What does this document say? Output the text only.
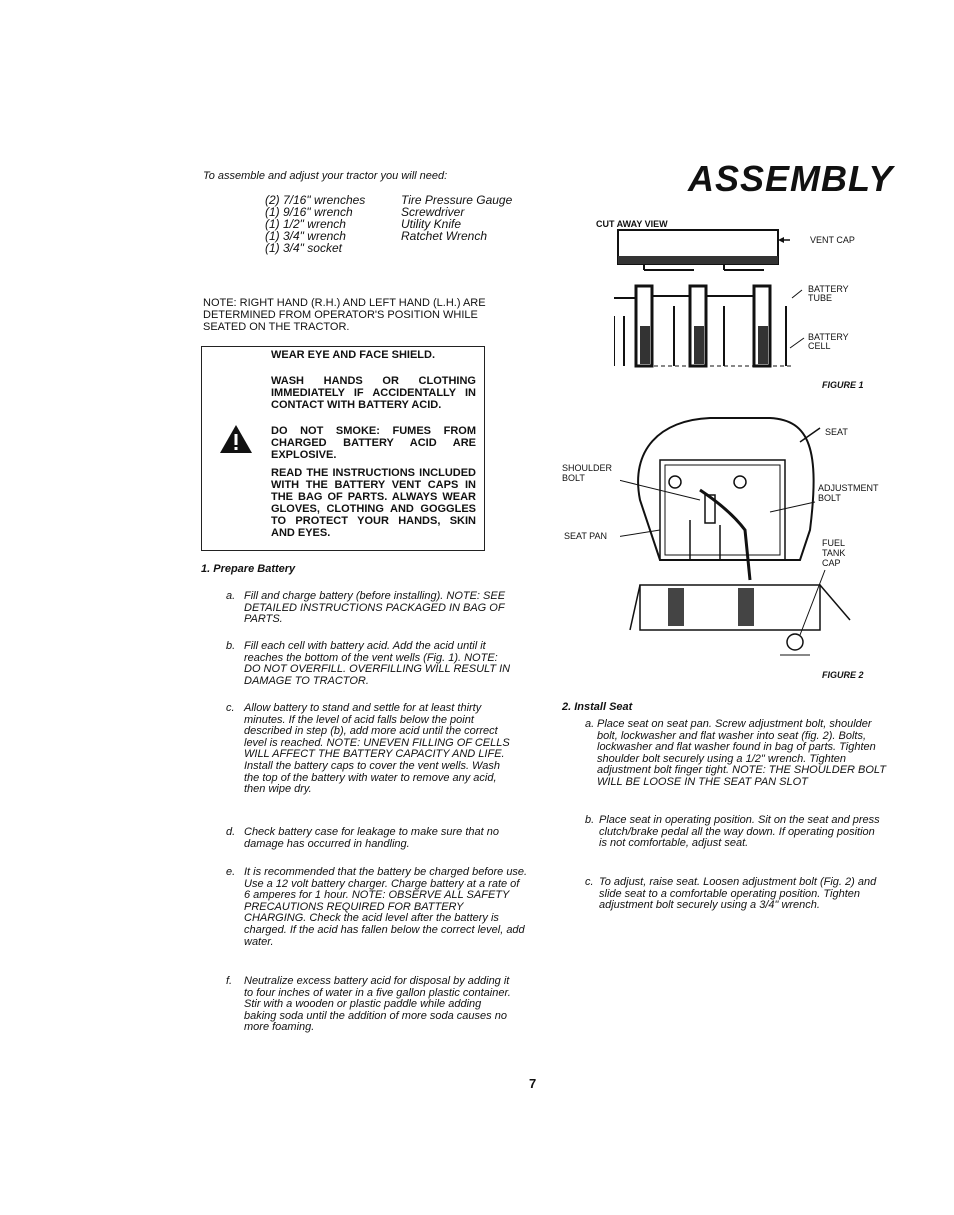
To assemble and adjust your tractor you will need:
(2) 7/16" wrenches	Tire Pressure Gauge
(1) 9/16" wrench	Screwdriver
(1) 1/2" wrench	Utility Knife
(1) 3/4" wrench	Ratchet Wrench
(1) 3/4" socket
ASSEMBLY
NOTE: RIGHT HAND (R.H.) AND LEFT HAND (L.H.) ARE DETERMINED FROM OPERATOR'S POSITION WHILE SEATED ON THE TRACTOR.
WEAR EYE AND FACE SHIELD.
WASH HANDS OR CLOTHING IMMEDIATELY IF ACCIDENTALLY IN CONTACT WITH BATTERY ACID.
DO NOT SMOKE: FUMES FROM CHARGED BATTERY ACID ARE EXPLOSIVE.
READ THE INSTRUCTIONS INCLUDED WITH THE BATTERY VENT CAPS IN THE BAG OF PARTS. ALWAYS WEAR GLOVES, CLOTHING AND GOGGLES TO PROTECT YOUR HANDS, SKIN AND EYES.
1. Prepare Battery
a. Fill and charge battery (before installing). NOTE: SEE DETAILED INSTRUCTIONS PACKAGED IN BAG OF PARTS.
b. Fill each cell with battery acid. Add the acid until it reaches the bottom of the vent wells (Fig. 1). NOTE: DO NOT OVERFILL. OVERFILLING WILL RESULT IN DAMAGE TO TRACTOR.
c. Allow battery to stand and settle for at least thirty minutes. If the level of acid falls below the point described in step (b), add more acid until the correct level is reached. NOTE: UNEVEN FILLING OF CELLS WILL AFFECT THE BATTERY CAPACITY AND LIFE. Install the battery caps to cover the vent wells. Wash the top of the battery with water to remove any acid, then wipe dry.
d. Check battery case for leakage to make sure that no damage has occurred in handling.
e. It is recommended that the battery be charged before use. Use a 12 volt battery charger. Charge battery at a rate of 6 amperes for 1 hour. NOTE: OBSERVE ALL SAFETY PRECAUTIONS REQUIRED FOR BATTERY CHARGING. Check the acid level after the battery is charged. If the acid has fallen below the correct level, add water.
f. Neutralize excess battery acid for disposal by adding it to four inches of water in a five gallon plastic container. Stir with a wooden or plastic paddle while adding baking soda until the addition of more soda causes no more foaming.
CUT AWAY VIEW
VENT CAP
BATTERY
TUBE
BATTERY
CELL
FIGURE 1
SEAT
SHOULDER
BOLT
ADJUSTMENT
BOLT
SEAT PAN
FUEL
TANK
CAP
FIGURE 2
2. Install Seat
a. Place seat on seat pan. Screw adjustment bolt, shoulder bolt, lockwasher and flat washer into seat (fig. 2). Bolts, lockwasher and flat washer found in bag of parts. Tighten shoulder bolt securely using a 1/2" wrench. Tighten adjustment bolt finger tight. NOTE: THE SHOULDER BOLT WILL BE LOOSE IN THE SEAT PAN SLOT
b. Place seat in operating position. Sit on the seat and press clutch/brake pedal all the way down. If operating position is not comfortable, adjust seat.
c. To adjust, raise seat. Loosen adjustment bolt (Fig. 2) and slide seat to a comfortable operating position. Tighten adjustment bolt securely using a 3/4" wrench.
7
